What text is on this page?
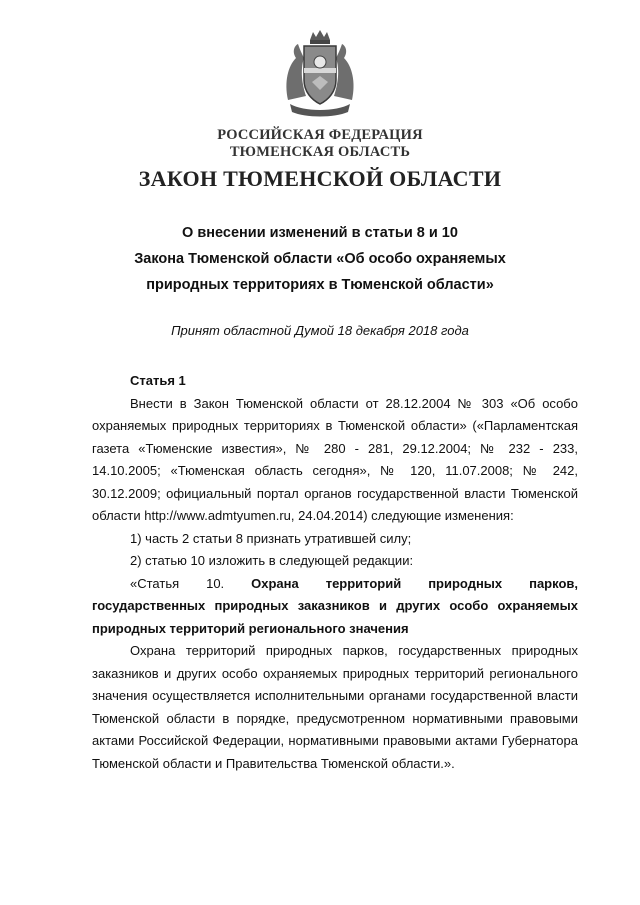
РОССИЙСКАЯ ФЕДЕРАЦИЯ
ТЮМЕНСКАЯ ОБЛАСТЬ
ЗАКОН ТЮМЕНСКОЙ ОБЛАСТИ
О внесении изменений в статьи 8 и 10
Закона Тюменской области «Об особо охраняемых
природных территориях в Тюменской области»
Принят областной Думой 18 декабря 2018 года

Статья 1

Внести в Закон Тюменской области от 28.12.2004 № 303 «Об особо охраняемых природных территориях в Тюменской области» («Парламентская газета «Тюменские известия», № 280 - 281, 29.12.2004; № 232 - 233, 14.10.2005; «Тюменская область сегодня», № 120, 11.07.2008; № 242, 30.12.2009; официальный портал органов государственной власти Тюменской области http://www.admtyumen.ru, 24.04.2014) следующие изменения:

1) часть 2 статьи 8 признать утратившей силу;

2) статью 10 изложить в следующей редакции:

«Статья 10. Охрана территорий природных парков, государственных природных заказников и других особо охраняемых природных территорий регионального значения

Охрана территорий природных парков, государственных природных заказников и других особо охраняемых природных территорий регионального значения осуществляется исполнительными органами государственной власти Тюменской области в порядке, предусмотренном нормативными правовыми актами Российской Федерации, нормативными правовыми актами Губернатора Тюменской области и Правительства Тюменской области.».
